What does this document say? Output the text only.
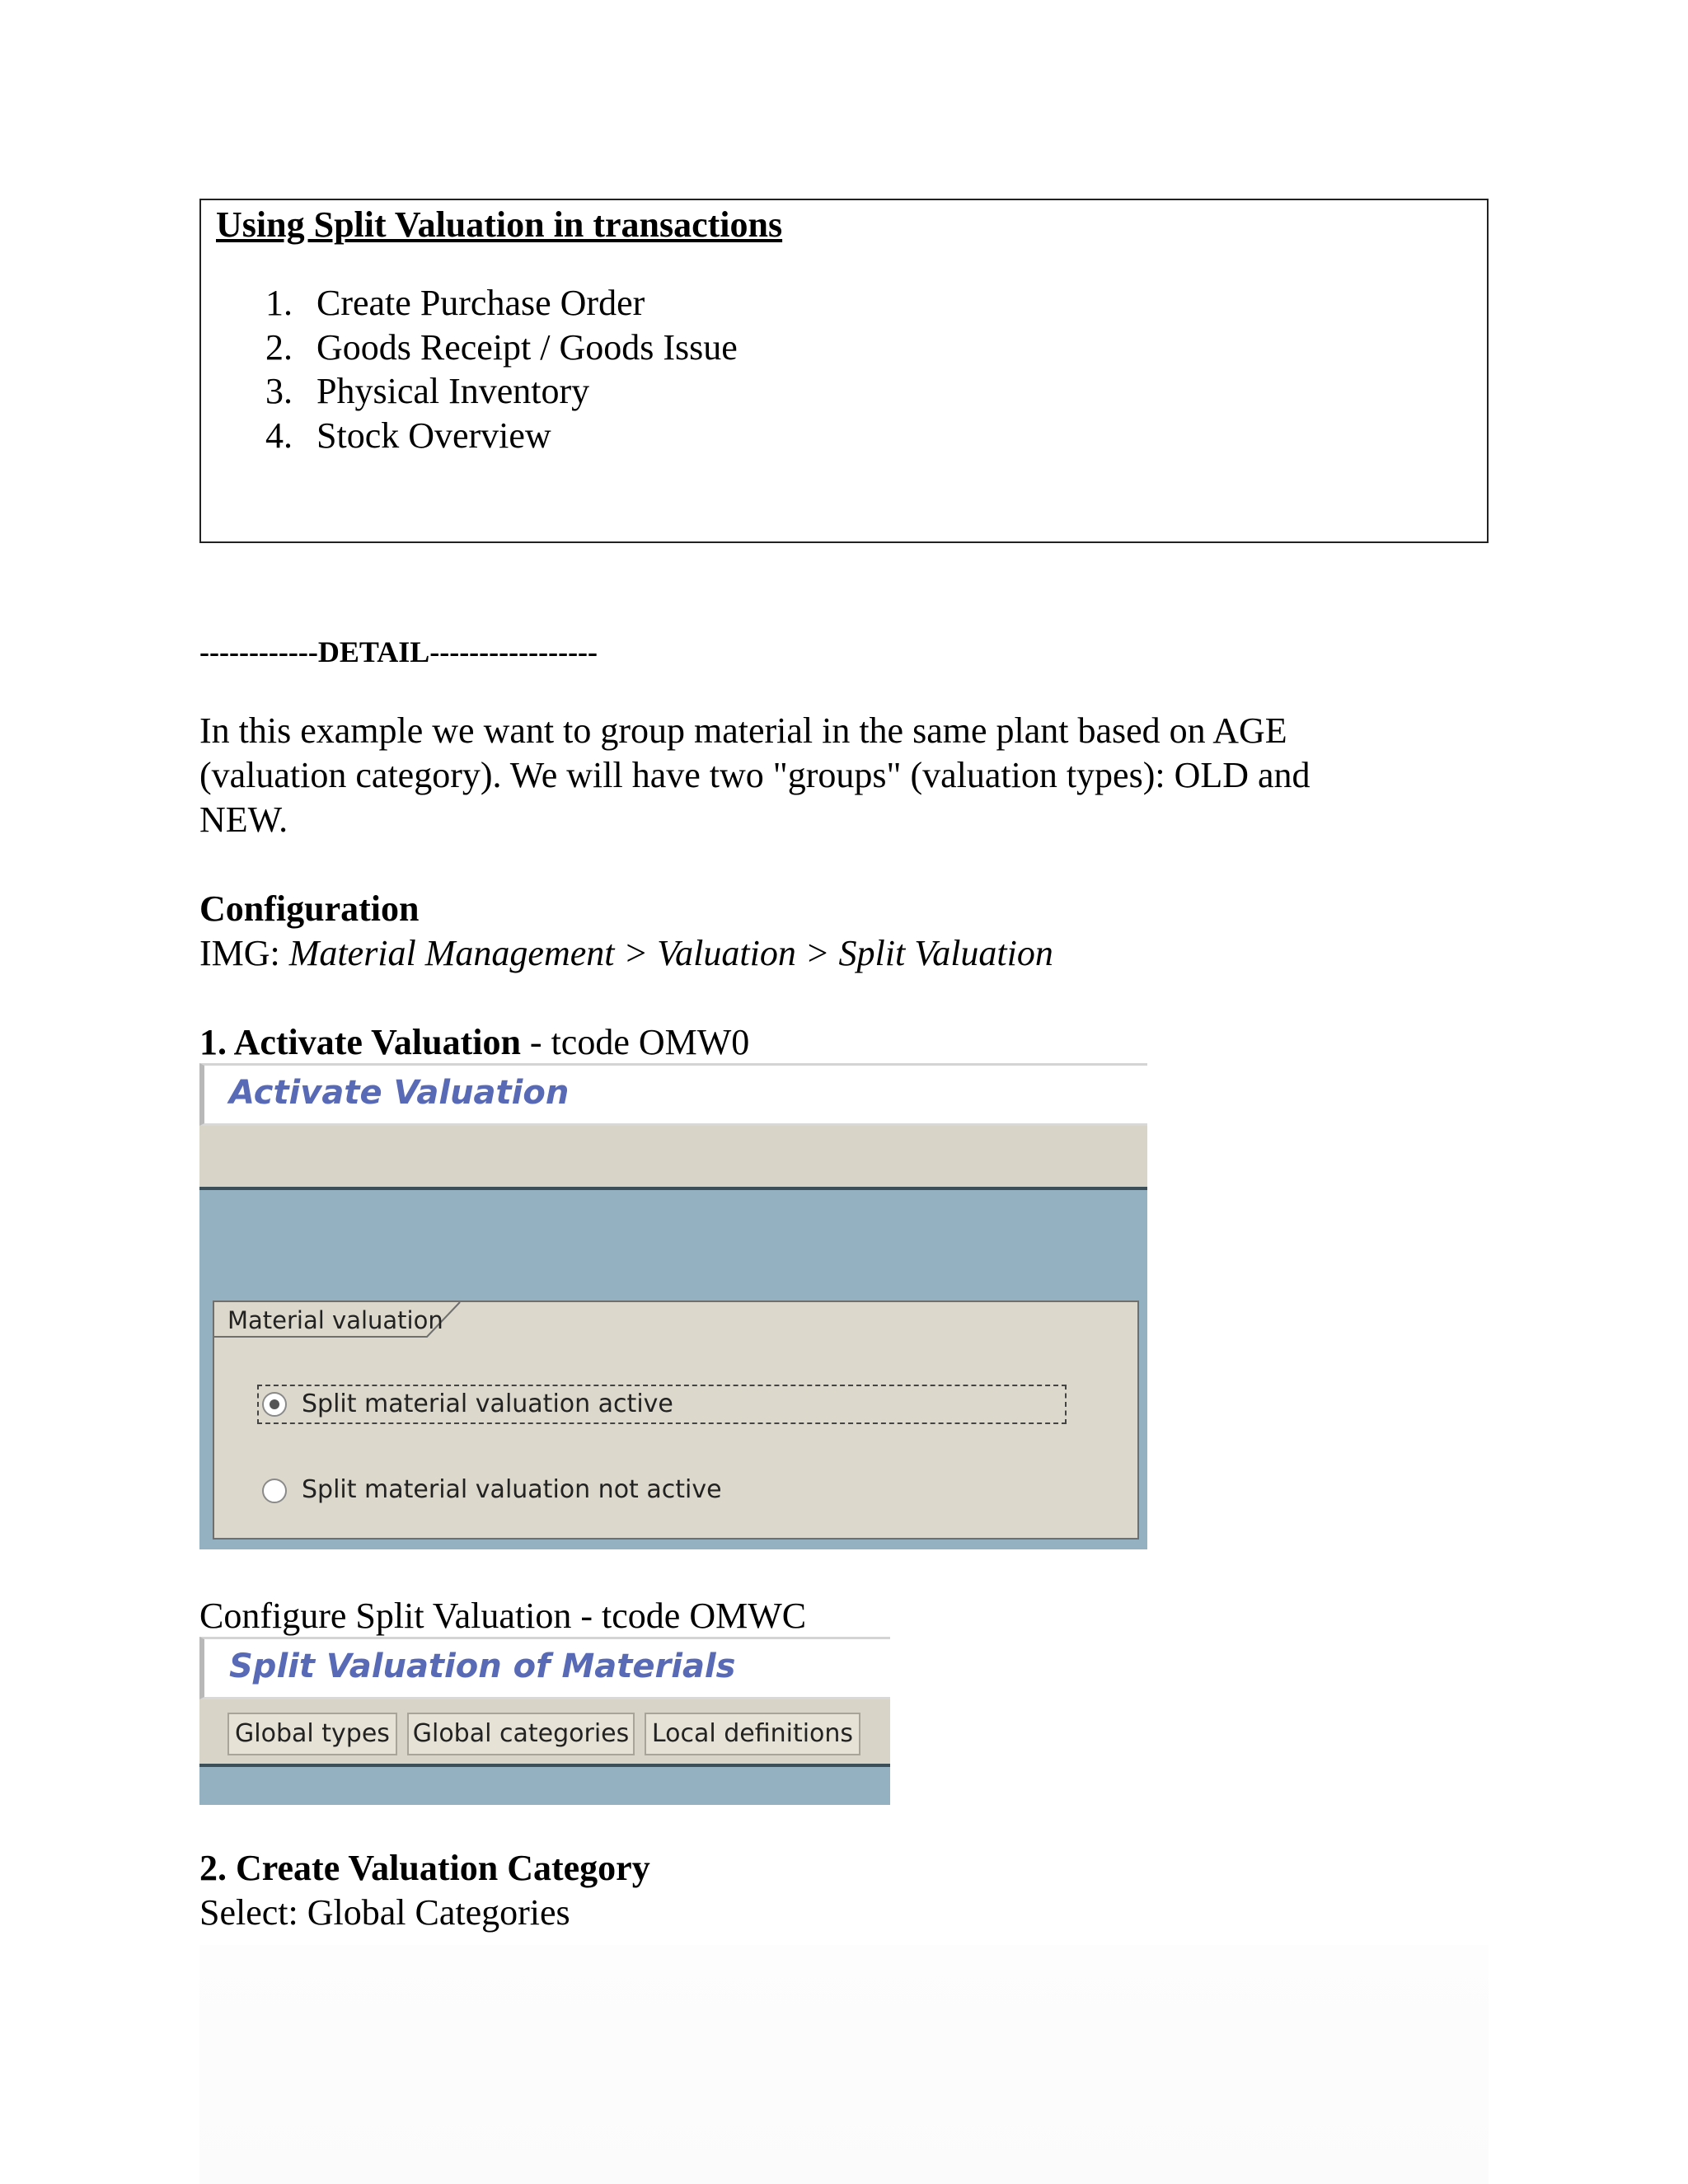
Using Split Valuation in transactions
1. Create Purchase Order
2. Goods Receipt / Goods Issue
3. Physical Inventory
4. Stock Overview
------------DETAIL-----------------
In this example we want to group material in the same plant based on AGE
(valuation category). We will have two "groups" (valuation types): OLD and
NEW.
Configuration
IMG: Material Management > Valuation > Split Valuation
1. Activate Valuation - tcode OMW0
Activate Valuation
Material valuation
Split material valuation active
Split material valuation not active
Configure Split Valuation - tcode OMWC
Split Valuation of Materials
Global types Global categories Local definitions
2. Create Valuation Category
Select: Global Categories
